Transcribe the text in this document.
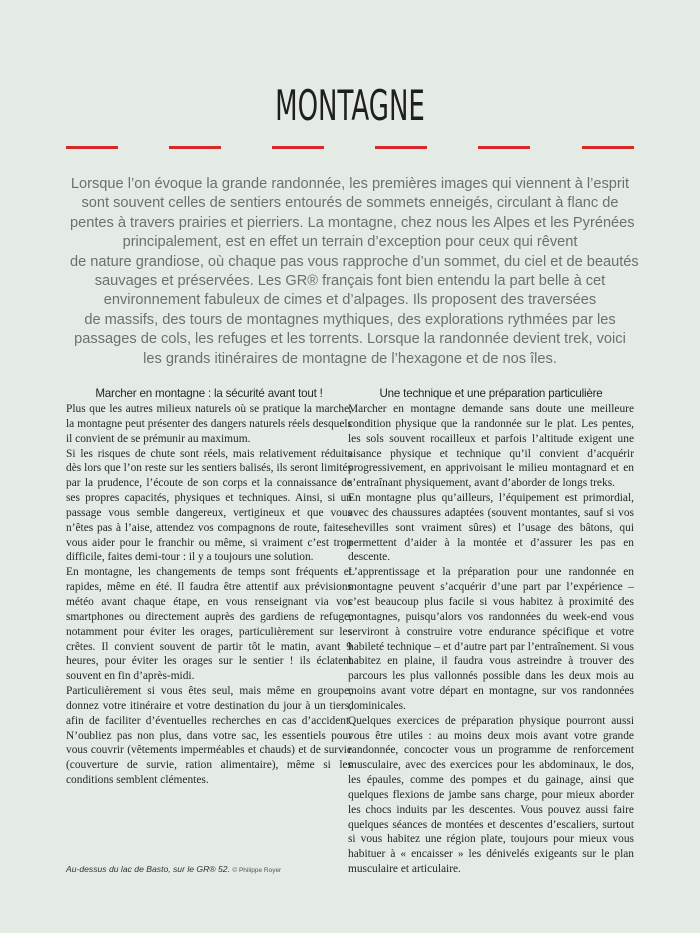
MONTAGNE

Lorsque l’on évoque la grande randonnée, les premières images qui viennent à l’esprit

sont souvent celles de sentiers entourés de sommets enneigés, circulant à flanc de

pentes à travers prairies et pierriers. La montagne, chez nous les Alpes et les Pyrénées

principalement, est en effet un terrain d’exception pour ceux qui rêvent

de nature grandiose, où chaque pas vous rapproche d’un sommet, du ciel et de beautés

sauvages et préservées. Les GR® français font bien entendu la part belle à cet

environnement fabuleux de cimes et d’alpages. Ils proposent des traversées

de massifs, des tours de montagnes mythiques, des explorations rythmées par les

passages de cols, les refuges et les torrents. Lorsque la randonnée devient trek, voici

les grands itinéraires de montagne de l’hexagone et de nos îles.

Marcher en montagne : la sécurité avant tout !

Plus que les autres milieux naturels où se pratique la marche, la montagne peut présenter des dangers naturels réels desquels il convient de se prémunir au maximum.

Si les risques de chute sont réels, mais relativement réduits dès lors que l’on reste sur les sentiers balisés, ils seront limités par la prudence, l’écoute de son corps et la connaissance de ses propres capacités, physiques et techniques. Ainsi, si un passage vous semble dangereux, vertigineux et que vous n’êtes pas à l’aise, attendez vos compagnons de route, faites-vous aider pour le franchir ou même, si vraiment c’est trop difficile, faites demi-tour : il y a toujours une solution.

En montagne, les changements de temps sont fréquents et rapides, même en été. Il faudra être attentif aux prévisions météo avant chaque étape, en vous renseignant via vos smartphones ou directement auprès des gardiens de refuge, notamment pour éviter les orages, particulièrement sur les crêtes. Il convient souvent de partir tôt le matin, avant 9 heures, pour éviter les orages sur le sentier ! ils éclatent souvent en fin d’après-midi.

Particulièrement si vous êtes seul, mais même en groupe, donnez votre itinéraire et votre destination du jour à un tiers, afin de faciliter d’éventuelles recherches en cas d’accident. N’oubliez pas non plus, dans votre sac, les essentiels pour vous couvrir (vêtements imperméables et chauds) et de survie (couverture de survie, ration alimentaire), même si les conditions semblent clémentes.

Une technique et une préparation particulière

Marcher en montagne demande sans doute une meilleure condition physique que la randonnée sur le plat. Les pentes, les sols souvent rocailleux et parfois l’altitude exigent une aisance physique et technique qu’il convient d’acquérir progressivement, en apprivoisant le milieu montagnard et en s’entraînant physiquement, avant d’aborder de longs treks.

En montagne plus qu’ailleurs, l’équipement est primordial, avec des chaussures adaptées (souvent montantes, sauf si vos chevilles sont vraiment sûres) et l’usage des bâtons, qui permettent d’aider à la montée et d’assurer les pas en descente.

L’apprentissage et la préparation pour une randonnée en montagne peuvent s’acquérir d’une part par l’expérience – c’est beaucoup plus facile si vous habitez à proximité des montagnes, puisqu’alors vos randonnées du week-end vous serviront à construire votre endurance spécifique et votre habileté technique – et d’autre part par l’entraînement. Si vous habitez en plaine, il faudra vous astreindre à trouver des parcours les plus vallonnés possible dans les deux mois au moins avant votre départ en montagne, sur vos randonnées dominicales.

Quelques exercices de préparation physique pourront aussi vous être utiles : au moins deux mois avant votre grande randonnée, concocter vous un programme de renforcement musculaire, avec des exercices pour les abdominaux, le dos, les épaules, comme des pompes et du gainage, ainsi que quelques flexions de jambe sans charge, pour mieux aborder les chocs induits par les descentes. Vous pouvez aussi faire quelques séances de montées et descentes d’escaliers, surtout si vous habitez une région plate, toujours pour mieux vous habituer à « encaisser » les dénivelés exigeants sur le plan musculaire et articulaire.

Au-dessus du lac de Basto, sur le GR® 52. © Philippe Royer
